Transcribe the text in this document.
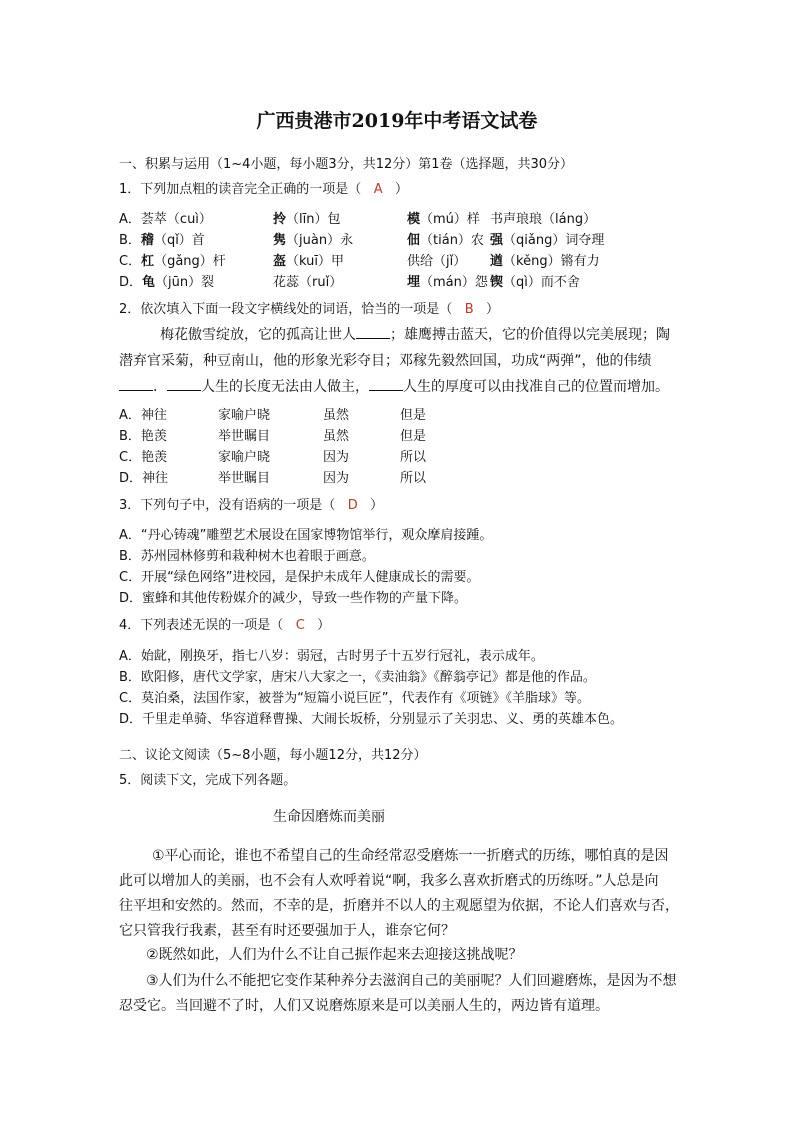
广西贵港市2019年中考语文试卷
一、积累与运用（1~4小题，每小题3分，共12分）第1卷（选择题，共30分）
1．下列加点粗的读音完全正确的一项是（ A ）
A．荟萃（cuì）	拎（līn）包	模（mú）样 书声琅琅（láng）
B．稽（qǐ）首	隽（juàn）永	佃（tián）农 强（qiǎng）词夺理
C．杠（gǎng）杆	盔（kuī）甲	供给（jǐ） 遒（kěng）锵有力
D．龟（jūn）裂	花蕊（ruǐ）	埋（mán）怨 锲（qì）而不舍
2．依次填入下面一段文字横线处的词语，恰当的一项是（ B ）
梅花傲雪绽放，它的孤高让世人 ；雄鹰搏击蓝天，它的价值得以完美展现；陶
潜弃官采菊，种豆南山，他的形象光彩夺目；邓稼先毅然回国，功成“两弹”，他的伟绩
． 人生的长度无法由人做主， 人生的厚度可以由找准自己的位置而增加。
A．神往	家喻户晓	虽然	但是
B．艳羡	举世瞩目	虽然	但是
C．艳羡	家喻户晓	因为	所以
D．神往	举世瞩目	因为	所以
3．下列句子中，没有语病的一项是（ D ）
A．“丹心铸魂”雕塑艺术展设在国家博物馆举行，观众摩肩接踵。
B．苏州园林修剪和栽种树木也着眼于画意。
C．开展“绿色网络”进校园，是保护未成年人健康成长的需要。
D．蜜蜂和其他传粉媒介的减少，导致一些作物的产量下降。
4．下列表述无误的一项是（ C ）
A．始龀，刚换牙，指七八岁：弱冠，古时男子十五岁行冠礼，表示成年。
B．欧阳修，唐代文学家，唐宋八大家之一，《卖油翁》《醉翁亭记》都是他的作品。
C．莫泊桑，法国作家，被誉为“短篇小说巨匠”，代表作有《项链》《羊脂球》等。
D．千里走单骑、华容道释曹操、大闹长坂桥，分别显示了关羽忠、义、勇的英雄本色。
二、议论文阅读（5~8小题，每小题12分，共12分）
5．阅读下文，完成下列各题。
生命因磨炼而美丽
①平心而论，谁也不希望自己的生命经常忍受磨炼一一折磨式的历练，哪怕真的是因
此可以增加人的美丽，也不会有人欢呼着说“啊，我多么喜欢折磨式的历练呀。”人总是向
往平坦和安然的。然而，不幸的是，折磨并不以人的主观愿望为依据，不论人们喜欢与否，
它只管我行我素，甚至有时还要强加于人，谁奈它何？
②既然如此，人们为什么不让自己振作起来去迎接这挑战呢？
③人们为什么不能把它变作某种养分去滋润自己的美丽呢？人们回避磨炼，是因为不想
忍受它。当回避不了时，人们又说磨炼原来是可以美丽人生的，两边皆有道理。
